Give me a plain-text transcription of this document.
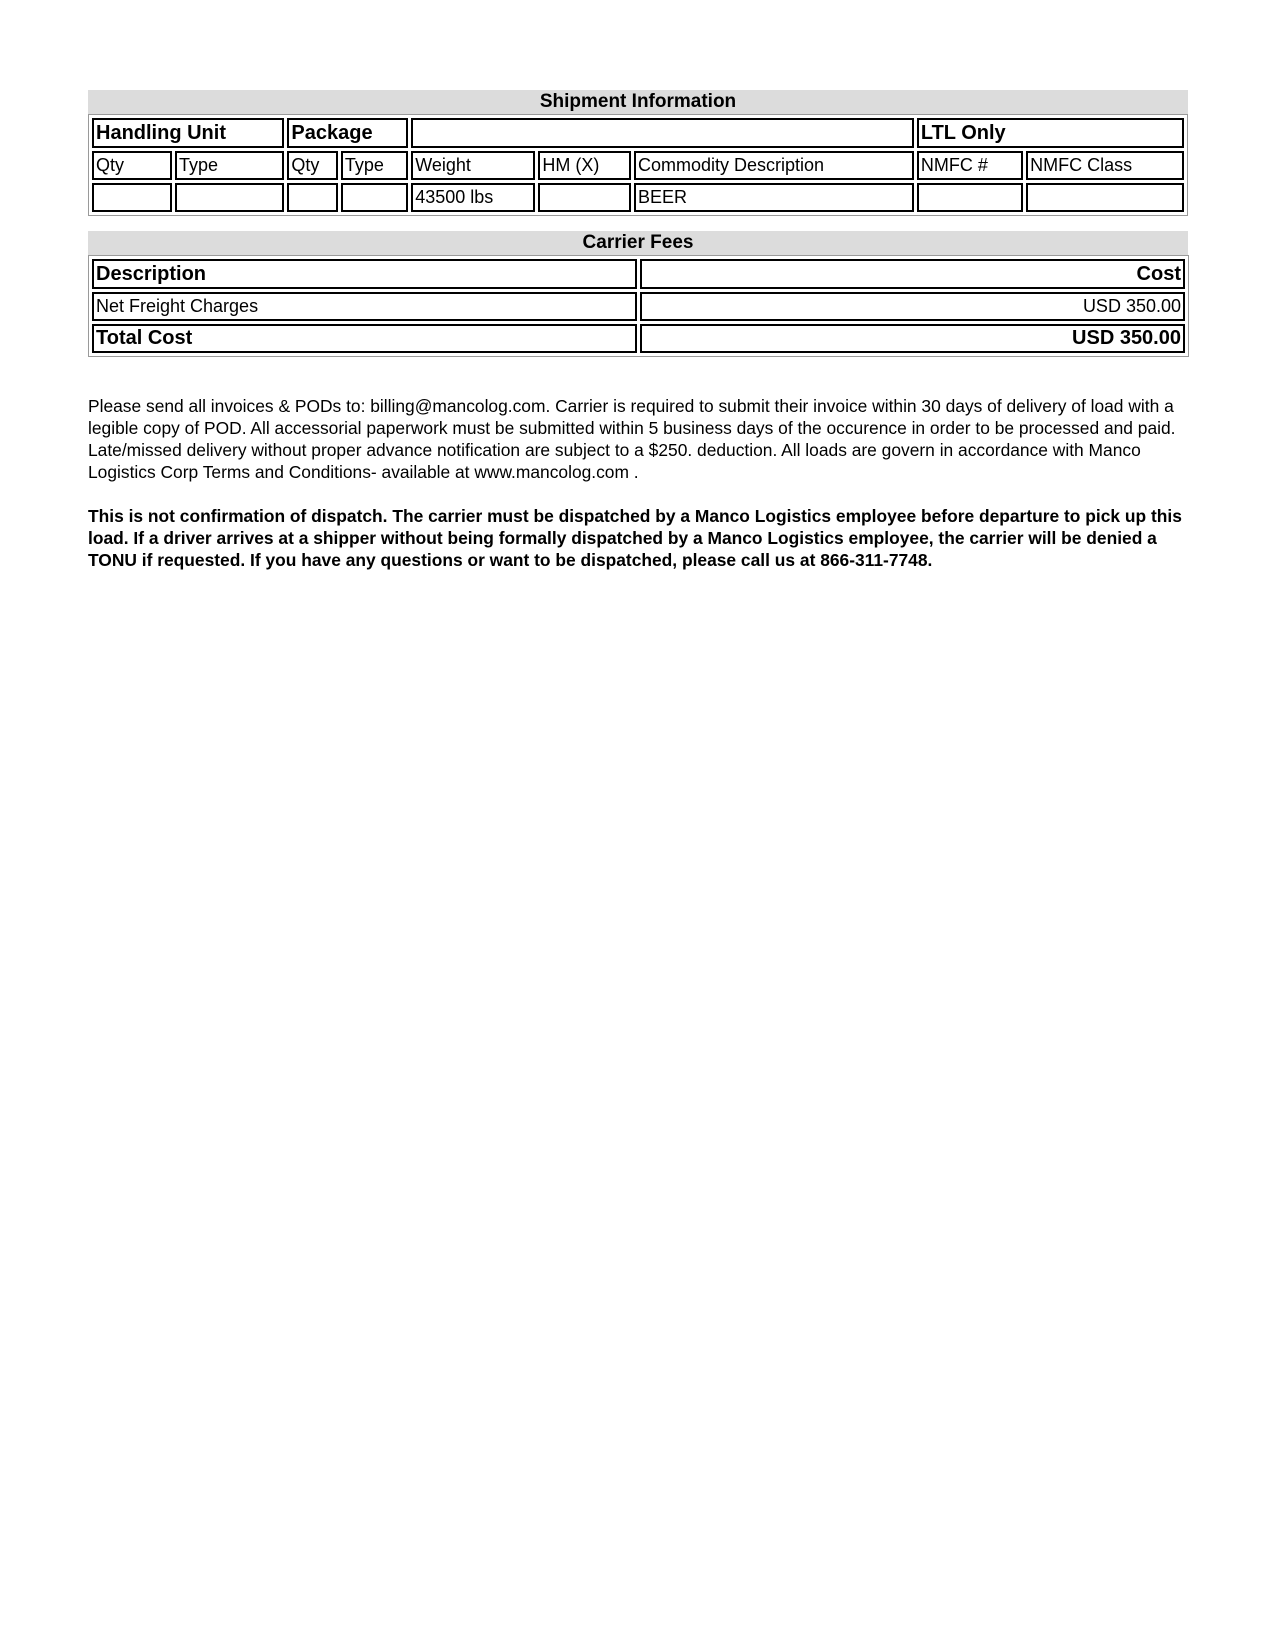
Shipment Information
Handling Unit		Package					LTL Only	
Qty	Type	Qty	Type	Weight	HM (X)	Commodity Description	NMFC #	NMFC Class
				43500 lbs		BEER		
Carrier Fees
Description	Cost
Net Freight Charges	USD 350.00
Total Cost	USD 350.00

Please send all invoices & PODs to: billing@mancolog.com. Carrier is required to submit their invoice within 30 days of delivery of load with a legible copy of POD. All accessorial paperwork must be submitted within 5 business days of the occurence in order to be processed and paid.

Late/missed delivery without proper advance notification are subject to a $250. deduction. All loads are govern in accordance with Manco Logistics Corp Terms and Conditions- available at www.mancolog.com .

This is not confirmation of dispatch. The carrier must be dispatched by a Manco Logistics employee before departure to pick up this load. If a driver arrives at a shipper without being formally dispatched by a Manco Logistics employee, the carrier will be denied a TONU if requested. If you have any questions or want to be dispatched, please call us at 866-311-7748.
